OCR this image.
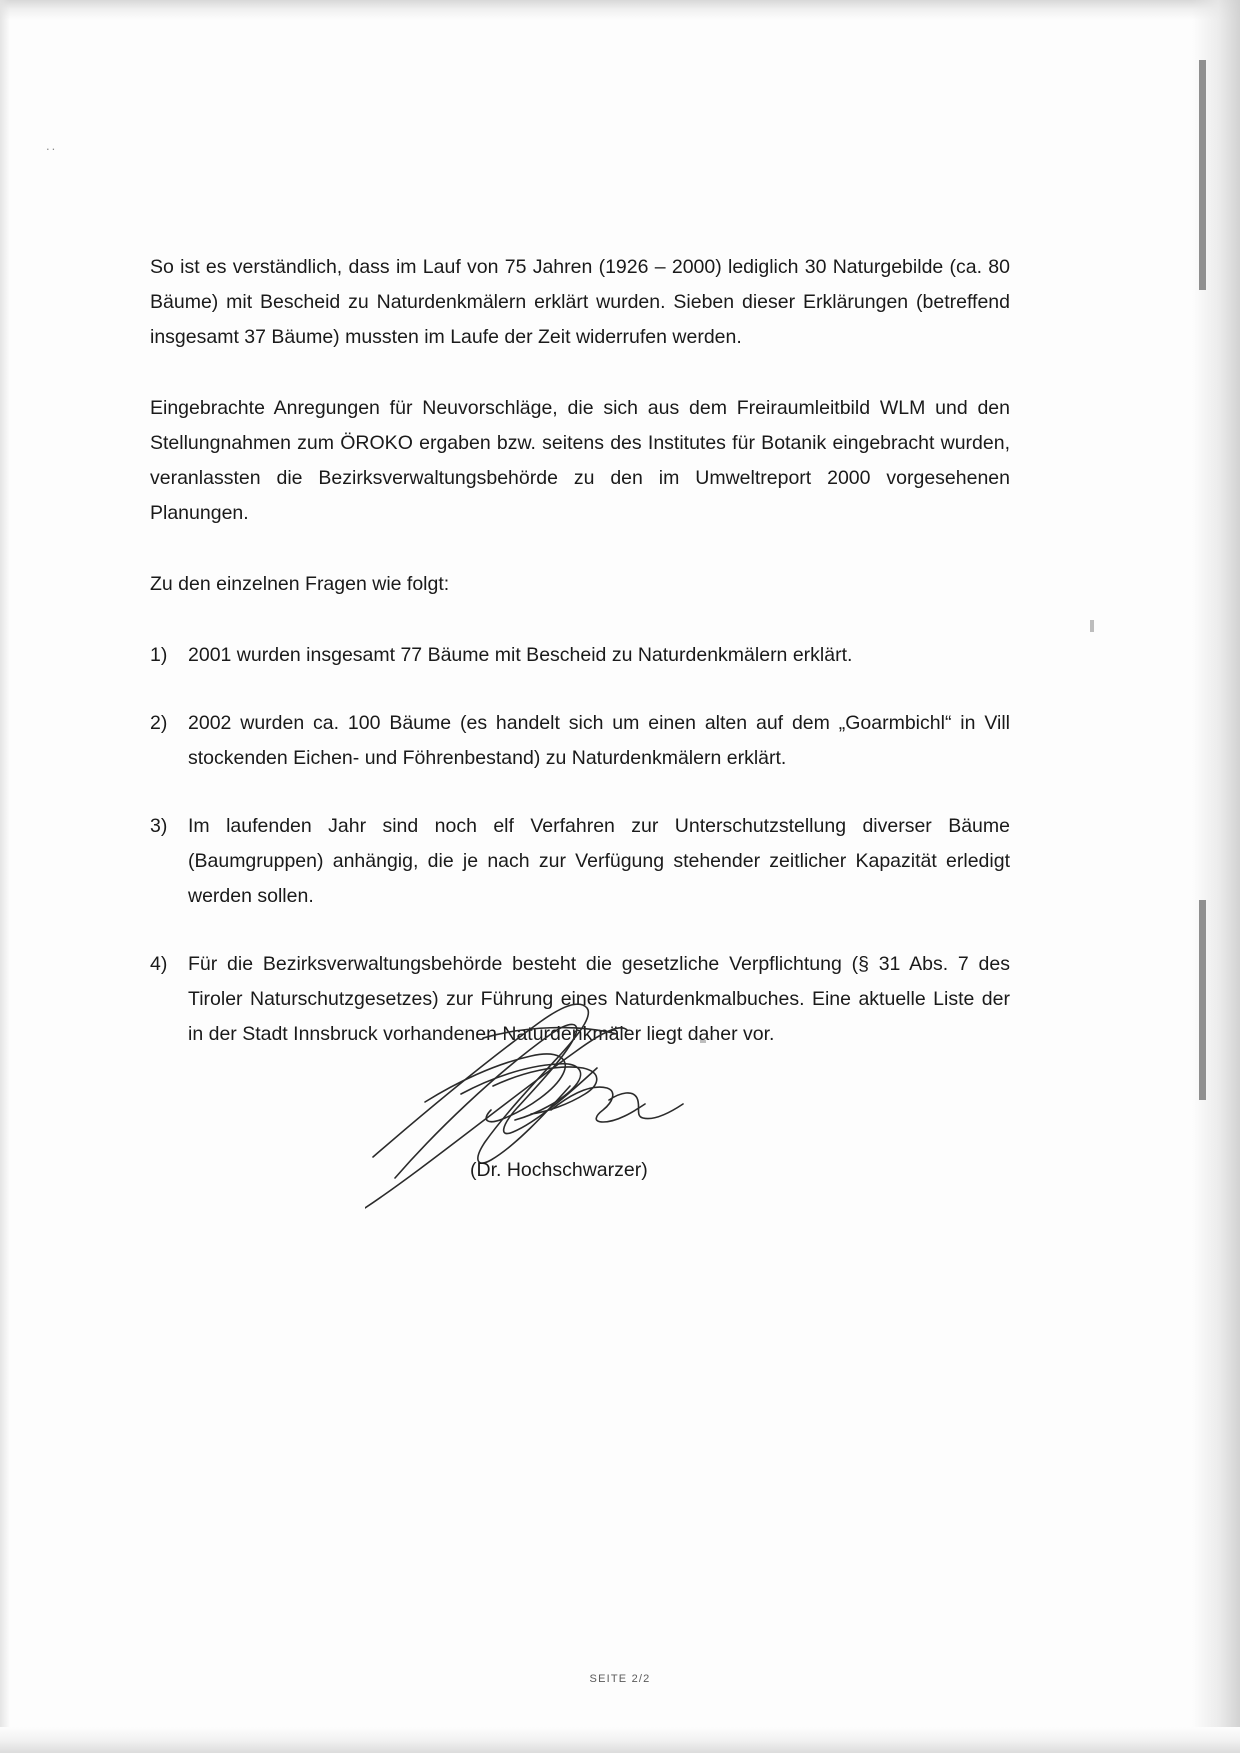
..

So ist es verständlich, dass im Lauf von 75 Jahren (1926 – 2000) lediglich 30 Naturgebilde (ca. 80 Bäume) mit Bescheid zu Naturdenkmälern erklärt wurden. Sieben dieser Erklärungen (betreffend insgesamt 37 Bäume) mussten im Laufe der Zeit widerrufen werden.

Eingebrachte Anregungen für Neuvorschläge, die sich aus dem Freiraumleitbild WLM und den Stellungnahmen zum ÖROKO ergaben bzw. seitens des Institutes für Botanik eingebracht wurden, veranlassten die Bezirksverwaltungsbehörde zu den im Umweltreport 2000 vorgesehenen Planungen.

Zu den einzelnen Fragen wie folgt:

1) 2001 wurden insgesamt 77 Bäume mit Bescheid zu Naturdenkmälern erklärt.
2) 2002 wurden ca. 100 Bäume (es handelt sich um einen alten auf dem „Goarmbichl“ in Vill stockenden Eichen- und Föhrenbestand) zu Naturdenkmälern erklärt.
3) Im laufenden Jahr sind noch elf Verfahren zur Unterschutzstellung diverser Bäume (Baumgruppen) anhängig, die je nach zur Verfügung stehender zeitlicher Kapazität erledigt werden sollen.
4) Für die Bezirksverwaltungsbehörde besteht die gesetzliche Verpflichtung (§ 31 Abs. 7 des Tiroler Naturschutzgesetzes) zur Führung eines Naturdenkmalbuches. Eine aktuelle Liste der in der Stadt Innsbruck vorhandenen Naturdenkmäler liegt daher vor.
(Dr. Hochschwarzer)
SEITE 2/2
